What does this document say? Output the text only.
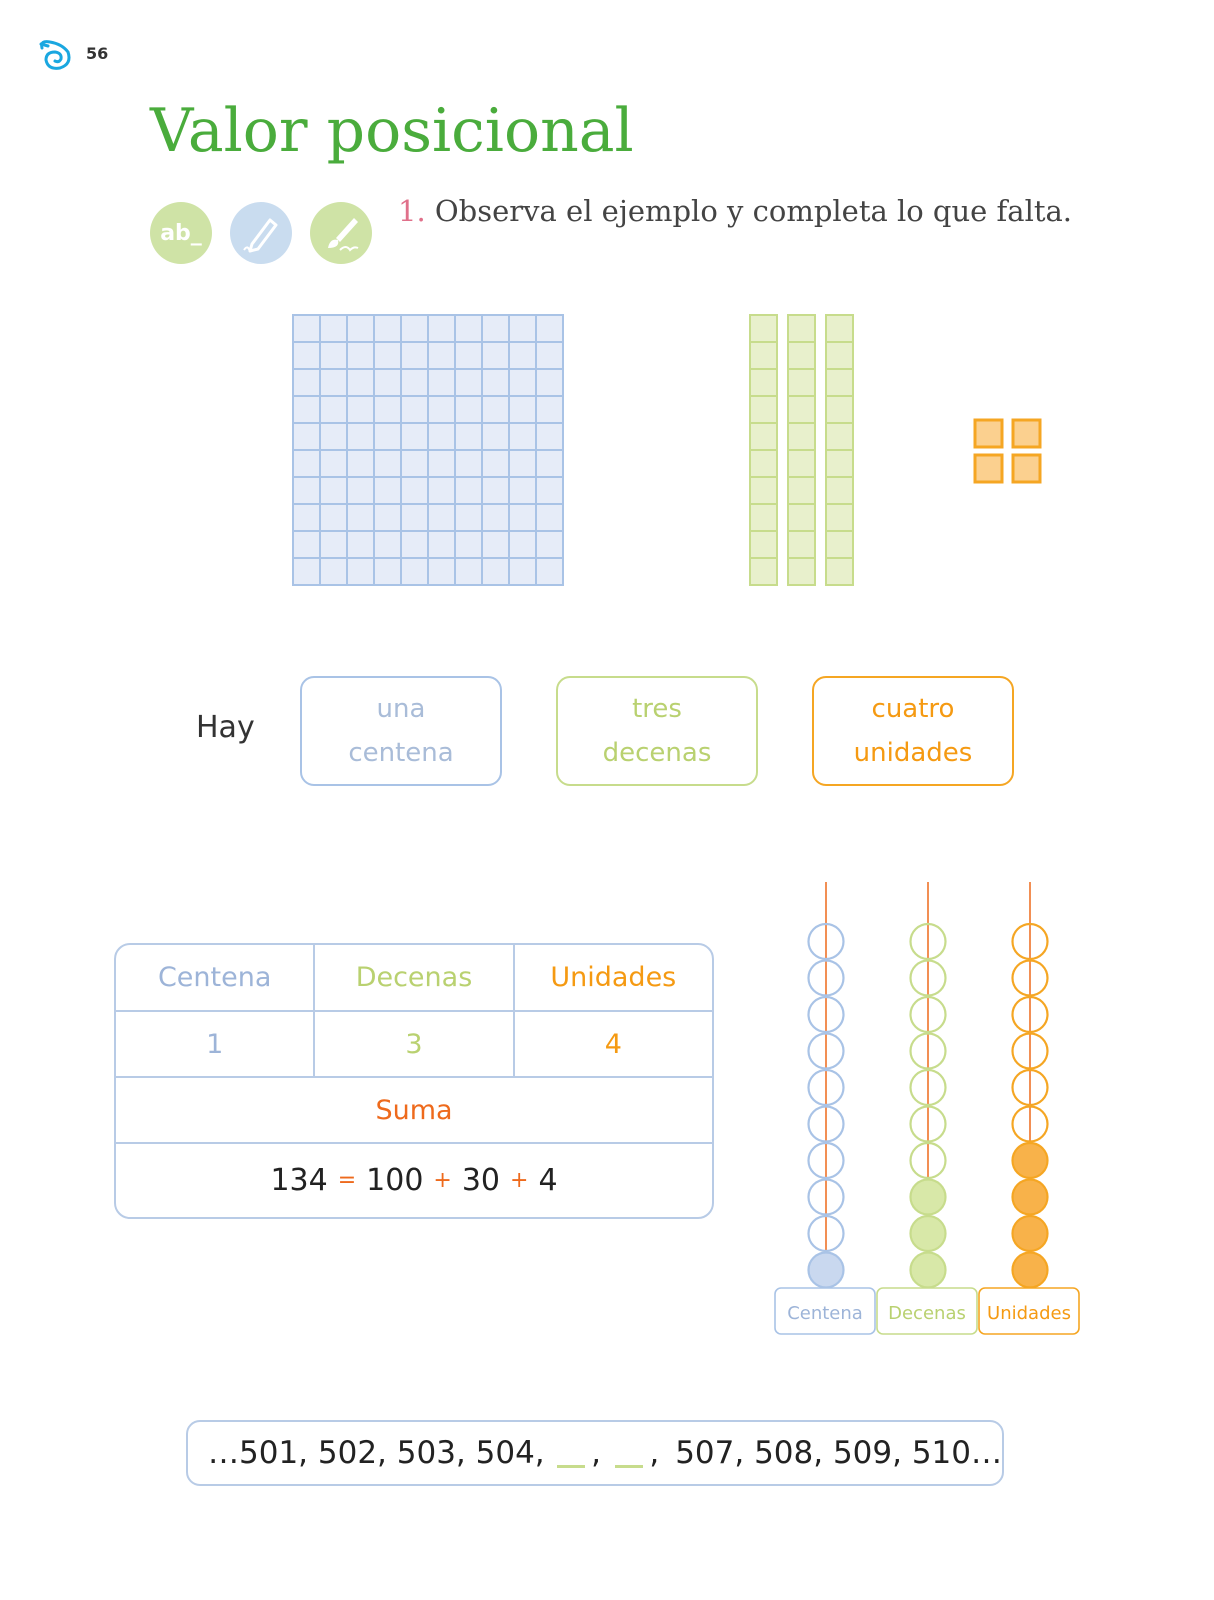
56
Valor posicional
ab_
1. Observa el ejemplo y completa lo que falta.
Hay
una
centena
tres
decenas
cuatro
unidades
Centena	Decenas	Unidades
1	3	4
Suma
134 = 100 + 30 + 4
Centena Decenas Unidades
…501, 502, 503, 504, , , 507, 508, 509, 510…
